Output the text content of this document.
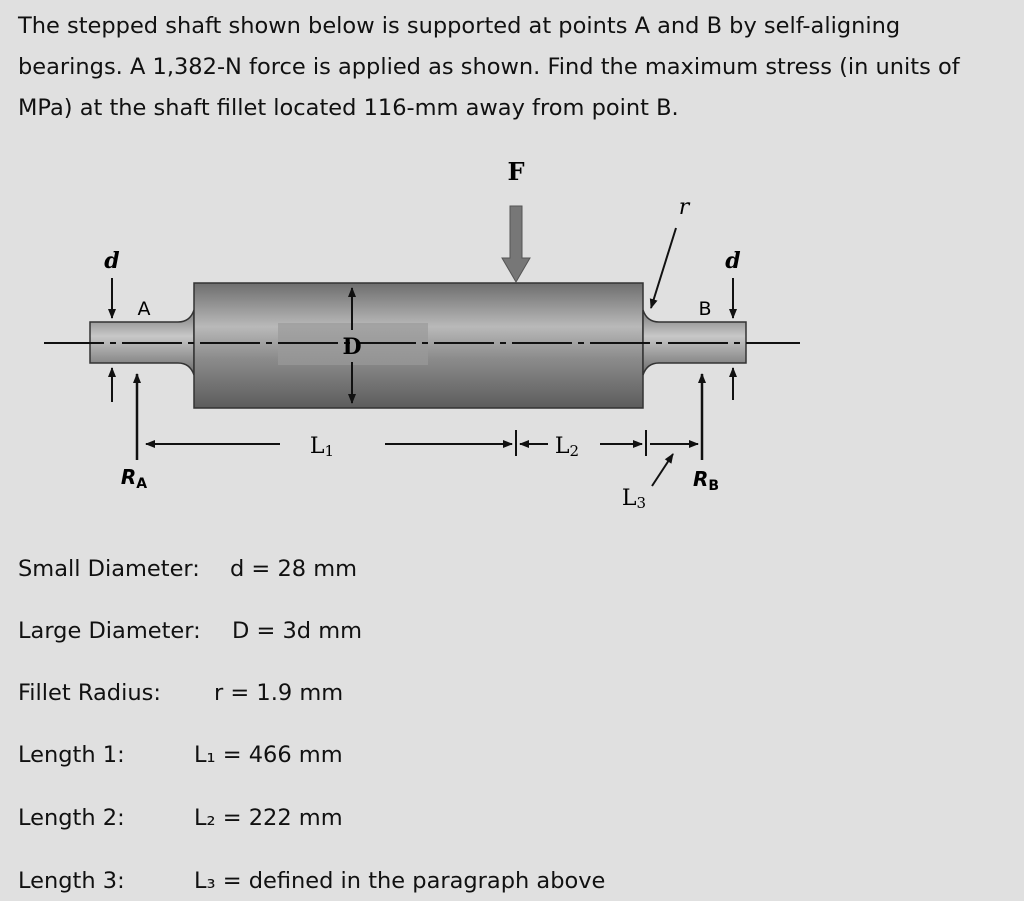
The stepped shaft shown below is supported at points A and B by self-aligning
bearings. A 1,382-N force is applied as shown. Find the maximum stress (in units of
MPa) at the shaft fillet located 116-mm away from point B.
F
r
d	d
D
A	B
$R_A$	$R_B$
L1	L2
L3
Small Diameter: d = 28 mm
Large Diameter: D = 3d mm
Fillet Radius: r = 1.9 mm
Length 1:	L₁ = 466 mm
Length 2:	L₂ = 222 mm
Length 3:	L₃ = defined in the paragraph above
